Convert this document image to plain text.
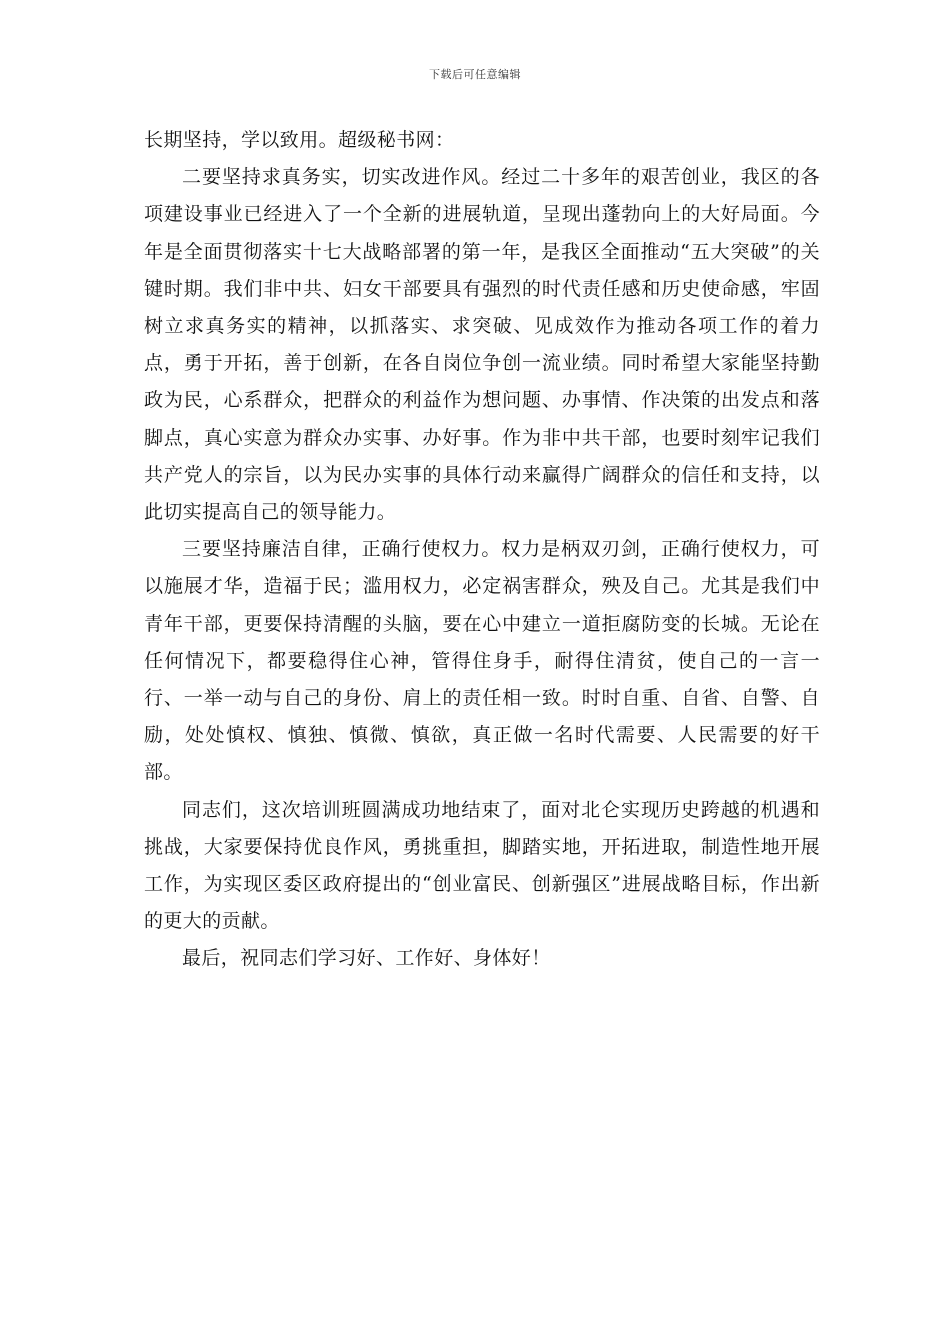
下载后可任意编辑

长期坚持，学以致用。超级秘书网：

二要坚持求真务实，切实改进作风。经过二十多年的艰苦创业，我区的各项建设事业已经进入了一个全新的进展轨道，呈现出蓬勃向上的大好局面。今年是全面贯彻落实十七大战略部署的第一年，是我区全面推动“五大突破”的关键时期。我们非中共、妇女干部要具有强烈的时代责任感和历史使命感，牢固树立求真务实的精神，以抓落实、求突破、见成效作为推动各项工作的着力点，勇于开拓，善于创新，在各自岗位争创一流业绩。同时希望大家能坚持勤政为民，心系群众，把群众的利益作为想问题、办事情、作决策的出发点和落脚点，真心实意为群众办实事、办好事。作为非中共干部，也要时刻牢记我们共产党人的宗旨，以为民办实事的具体行动来赢得广阔群众的信任和支持，以此切实提高自己的领导能力。

三要坚持廉洁自律，正确行使权力。权力是柄双刃剑，正确行使权力，可以施展才华，造福于民；滥用权力，必定祸害群众，殃及自己。尤其是我们中青年干部，更要保持清醒的头脑，要在心中建立一道拒腐防变的长城。无论在任何情况下，都要稳得住心神，管得住身手，耐得住清贫，使自己的一言一行、一举一动与自己的身份、肩上的责任相一致。时时自重、自省、自警、自励，处处慎权、慎独、慎微、慎欲，真正做一名时代需要、人民需要的好干部。

同志们，这次培训班圆满成功地结束了，面对北仑实现历史跨越的机遇和挑战，大家要保持优良作风，勇挑重担，脚踏实地，开拓进取，制造性地开展工作，为实现区委区政府提出的“创业富民、创新强区”进展战略目标，作出新的更大的贡献。

最后，祝同志们学习好、工作好、身体好！
